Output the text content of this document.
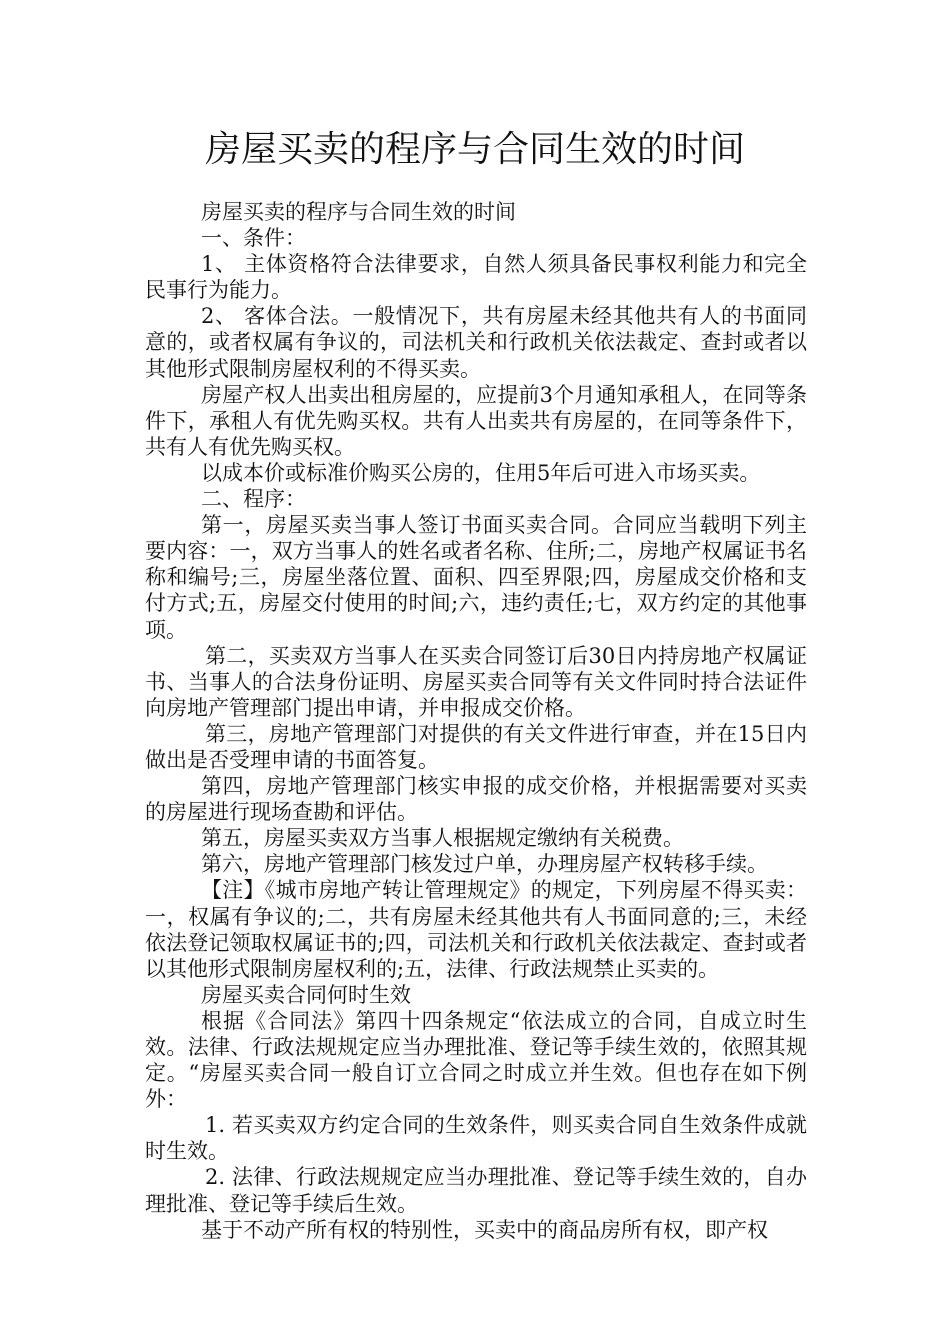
房屋买卖的程序与合同生效的时间

房屋买卖的程序与合同生效的时间

一、条件：

1、 主体资格符合法律要求，自然人须具备民事权利能力和完全民事行为能力。

2、 客体合法。一般情况下，共有房屋未经其他共有人的书面同意的，或者权属有争议的，司法机关和行政机关依法裁定、查封或者以其他形式限制房屋权利的不得买卖。

房屋产权人出卖出租房屋的，应提前3个月通知承租人，在同等条件下，承租人有优先购买权。共有人出卖共有房屋的，在同等条件下，共有人有优先购买权。

以成本价或标准价购买公房的，住用5年后可进入市场买卖。

二、程序：

第一，房屋买卖当事人签订书面买卖合同。合同应当载明下列主要内容：一，双方当事人的姓名或者名称、住所;二，房地产权属证书名称和编号;三，房屋坐落位置、面积、四至界限;四，房屋成交价格和支付方式;五，房屋交付使用的时间;六，违约责任;七，双方约定的其他事项。

第二，买卖双方当事人在买卖合同签订后30日内持房地产权属证书、当事人的合法身份证明、房屋买卖合同等有关文件同时持合法证件向房地产管理部门提出申请，并申报成交价格。

第三，房地产管理部门对提供的有关文件进行审查，并在15日内做出是否受理申请的书面答复。

第四，房地产管理部门核实申报的成交价格，并根据需要对买卖的房屋进行现场查勘和评估。

第五，房屋买卖双方当事人根据规定缴纳有关税费。

第六，房地产管理部门核发过户单，办理房屋产权转移手续。

【注】《城市房地产转让管理规定》的规定，下列房屋不得买卖：一，权属有争议的;二，共有房屋未经其他共有人书面同意的;三，未经依法登记领取权属证书的;四，司法机关和行政机关依法裁定、查封或者以其他形式限制房屋权利的;五，法律、行政法规禁止买卖的。

房屋买卖合同何时生效

根据《合同法》第四十四条规定“依法成立的合同，自成立时生效。法律、行政法规规定应当办理批准、登记等手续生效的，依照其规定。“房屋买卖合同一般自订立合同之时成立并生效。但也存在如下例外：

1. 若买卖双方约定合同的生效条件，则买卖合同自生效条件成就时生效。

2. 法律、行政法规规定应当办理批准、登记等手续生效的，自办理批准、登记等手续后生效。

基于不动产所有权的特别性，买卖中的商品房所有权，即产权
